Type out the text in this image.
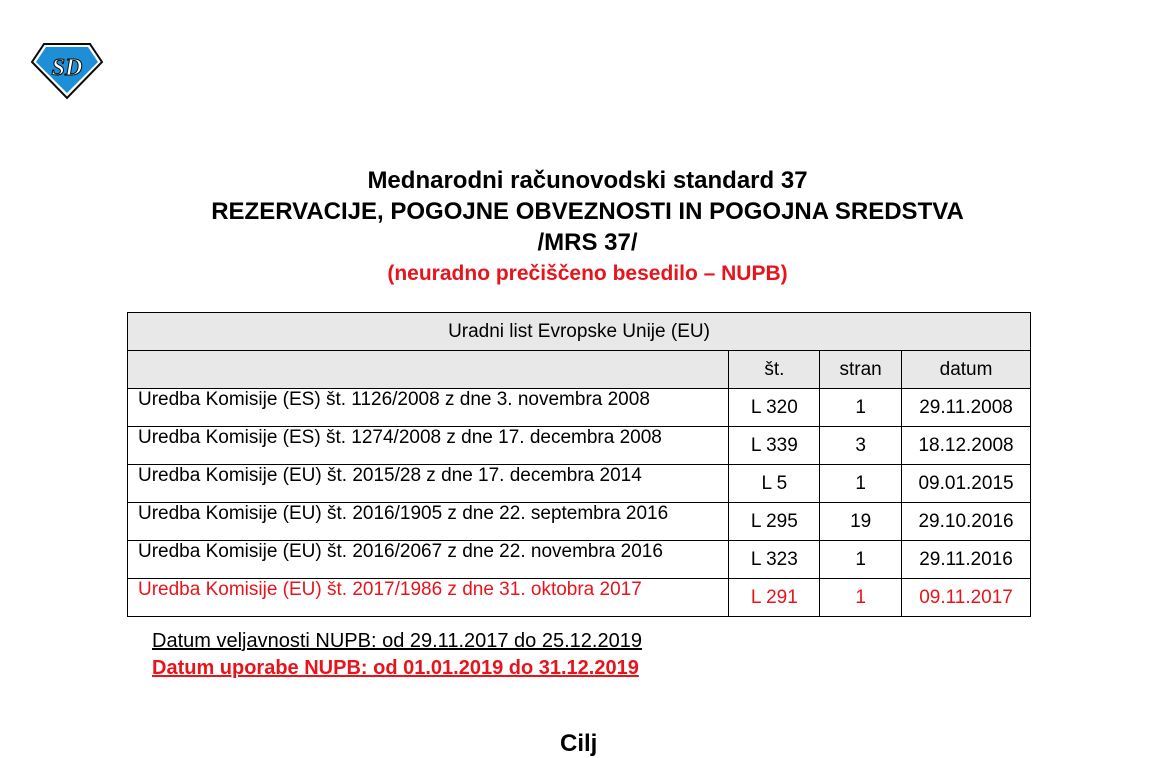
SD
Mednarodni računovodski standard 37
REZERVACIJE, POGOJNE OBVEZNOSTI IN POGOJNA SREDSTVA
/MRS 37/
(neuradno prečiščeno besedilo – NUPB)
Uradni list Evropske Unije (EU)			
	št.	stran	datum
Uredba Komisije (ES) št. 1126/2008 z dne 3. novembra 2008	L 320	1	29.11.2008
Uredba Komisije (ES) št. 1274/2008 z dne 17. decembra 2008	L 339	3	18.12.2008
Uredba Komisije (EU) št. 2015/28 z dne 17. decembra 2014	L 5	1	09.01.2015
Uredba Komisije (EU) št. 2016/1905 z dne 22. septembra 2016	L 295	19	29.10.2016
Uredba Komisije (EU) št. 2016/2067 z dne 22. novembra 2016	L 323	1	29.11.2016
Uredba Komisije (EU) št. 2017/1986 z dne 31. oktobra 2017	L 291	1	09.11.2017
Datum veljavnosti NUPB: od 29.11.2017 do 25.12.2019
Datum uporabe NUPB: od 01.01.2019 do 31.12.2019
Cilj
